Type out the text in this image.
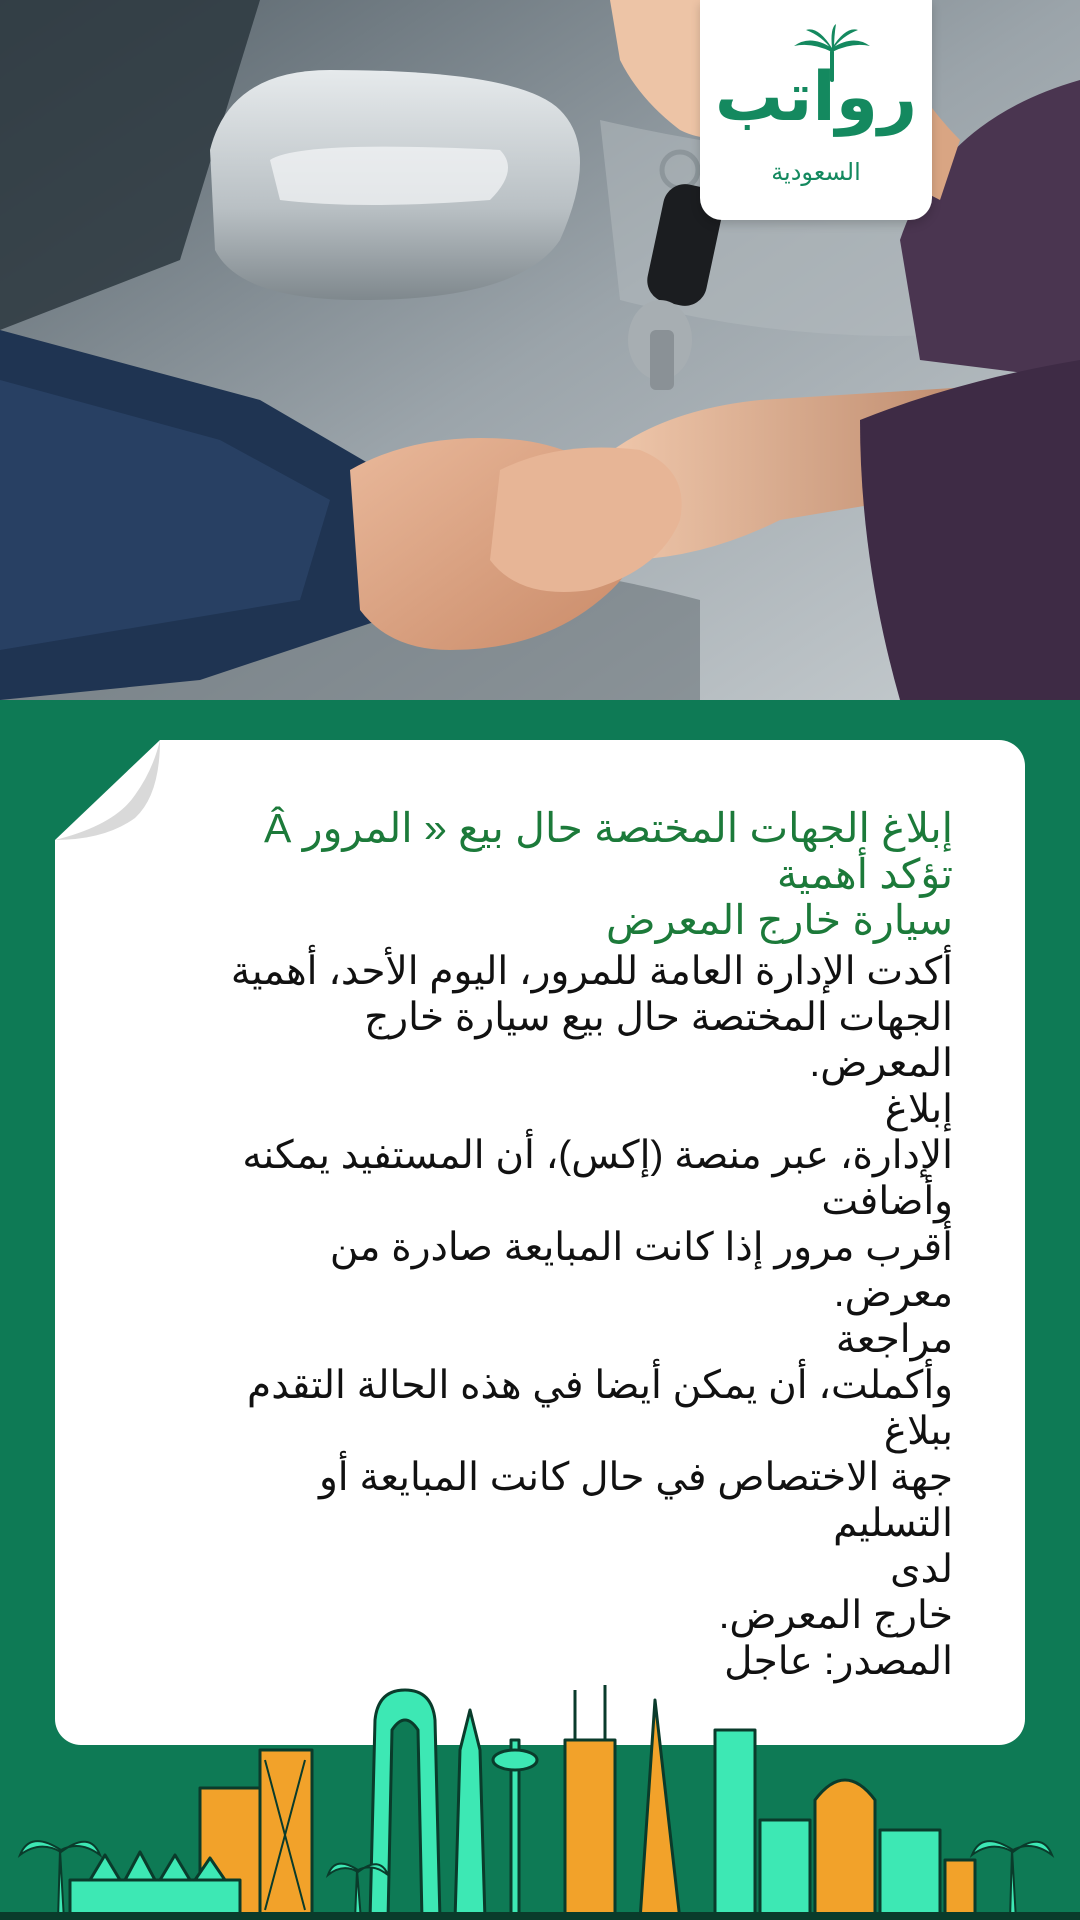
رواتب
السعودية

إبلاغ الجهات المختصة حال بيع « المرور Â
تؤكد أهمية
سيارة خارج المعرض

أكدت الإدارة العامة للمرور، اليوم الأحد، أهمية
الجهات المختصة حال بيع سيارة خارج المعرض.
إبلاغ
الإدارة، عبر منصة (إكس)، أن المستفيد يمكنه
وأضافت
أقرب مرور إذا كانت المبايعة صادرة من معرض.
مراجعة
وأكملت، أن يمكن أيضا في هذه الحالة التقدم ببلاغ
جهة الاختصاص في حال كانت المبايعة أو التسليم
لدى
خارج المعرض.

المصدر: عاجل
